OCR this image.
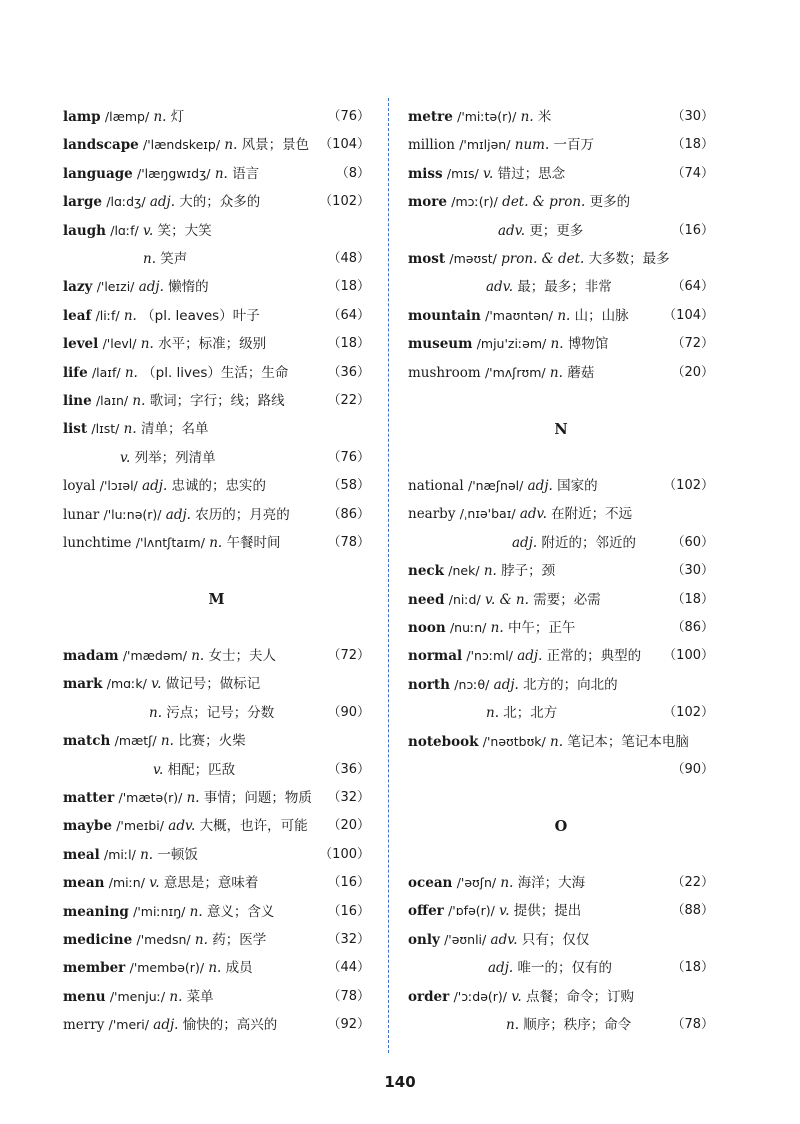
lamp /læmp/ n. 灯	（76）
landscape /'lændskeɪp/ n. 风景；景色 （104）
language /'læŋgwɪdʒ/ n. 语言	（8）
large /lɑːdʒ/ adj. 大的；众多的	（102）
laugh /lɑːf/ v. 笑；大笑
n. 笑声	（48）
lazy /'leɪzi/ adj. 懒惰的	（18）
leaf /liːf/ n. （pl. leaves）叶子	（64）
level /'levl/ n. 水平；标准；级别	（18）
life /laɪf/ n. （pl. lives）生活；生命	（36）
line /laɪn/ n. 歌词；字行；线；路线	（22）
list /lɪst/ n. 清单；名单
v. 列举；列清单	（76）
loyal /'lɔɪəl/ adj. 忠诚的；忠实的	（58）
lunar /'luːnə(r)/ adj. 农历的；月亮的	（86）
lunchtime /'lʌntʃtaɪm/ n. 午餐时间	（78）
M
madam /'mædəm/ n. 女士；夫人	（72）
mark /mɑːk/ v. 做记号；做标记
n. 污点；记号；分数	（90）
match /mætʃ/ n. 比赛；火柴
v. 相配；匹敌	（36）
matter /'mætə(r)/ n. 事情；问题；物质 （32）
maybe /'meɪbi/ adv. 大概，也许，可能 （20）
meal /miːl/ n. 一顿饭	（100）
mean /miːn/ v. 意思是；意味着	（16）
meaning /'miːnɪŋ/ n. 意义；含义	（16）
medicine /'medsn/ n. 药；医学	（32）
member /'membə(r)/ n. 成员	（44）
menu /'menjuː/ n. 菜单	（78）
merry /'meri/ adj. 愉快的；高兴的	（92）
metre /'miːtə(r)/ n. 米	（30）
million /'mɪljən/ num. 一百万	（18）
miss /mɪs/ v. 错过；思念	（74）
more /mɔː(r)/ det. & pron. 更多的
adv. 更；更多	（16）
most /məʊst/ pron. & det. 大多数；最多
adv. 最；最多；非常	（64）
mountain /'maʊntən/ n. 山；山脉	（104）
museum /mju'ziːəm/ n. 博物馆	（72）
mushroom /'mʌʃrʊm/ n. 蘑菇	（20）
N
national /'næʃnəl/ adj. 国家的	（102）
nearby /ˌnɪə'baɪ/ adv. 在附近；不远
adj. 附近的；邻近的	（60）
neck /nek/ n. 脖子；颈	（30）
need /niːd/ v. & n. 需要；必需	（18）
noon /nuːn/ n. 中午；正午	（86）
normal /'nɔːml/ adj. 正常的；典型的 （100）
north /nɔːθ/ adj. 北方的；向北的
n. 北；北方	（102）
notebook /'nəʊtbʊk/ n. 笔记本；笔记本电脑
（90）
O
ocean /'əʊʃn/ n. 海洋；大海	（22）
offer /'ɒfə(r)/ v. 提供；提出	（88）
only /'əʊnli/ adv. 只有；仅仅
adj. 唯一的；仅有的	（18）
order /'ɔːdə(r)/ v. 点餐；命令；订购
n. 顺序；秩序；命令	（78）
140
